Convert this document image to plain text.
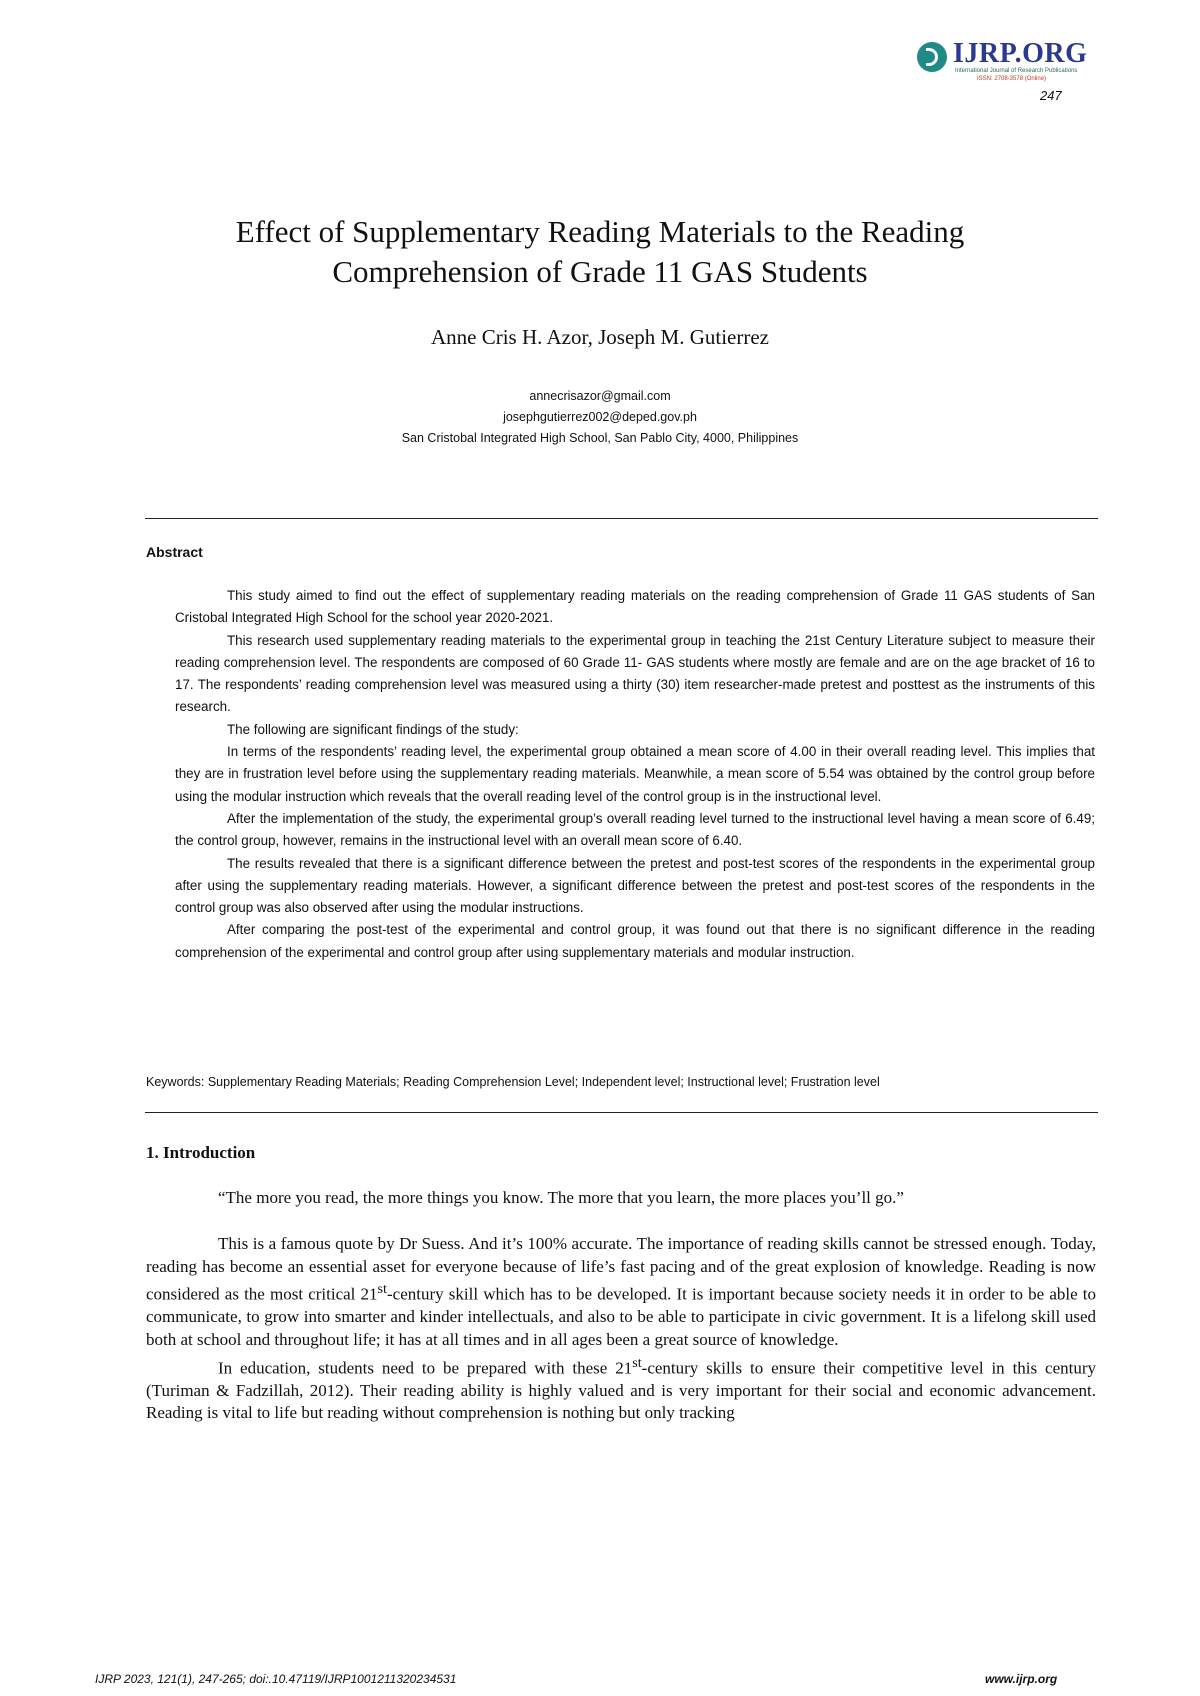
IJRP.ORG
International Journal of Research Publications
ISSN: 2708-3578 (Online)
247
Effect of Supplementary Reading Materials to the Reading
Comprehension of Grade 11 GAS Students
Anne Cris H. Azor, Joseph M. Gutierrez
annecrisazor@gmail.com
josephgutierrez002@deped.gov.ph
San Cristobal Integrated High School, San Pablo City, 4000, Philippines
Abstract

This study aimed to find out the effect of supplementary reading materials on the reading comprehension of Grade 11 GAS students of San Cristobal Integrated High School for the school year 2020-2021.

This research used supplementary reading materials to the experimental group in teaching the 21st Century Literature subject to measure their reading comprehension level. The respondents are composed of 60 Grade 11- GAS students where mostly are female and are on the age bracket of 16 to 17. The respondents’ reading comprehension level was measured using a thirty (30) item researcher-made pretest and posttest as the instruments of this research.

The following are significant findings of the study:

In terms of the respondents’ reading level, the experimental group obtained a mean score of 4.00 in their overall reading level. This implies that they are in frustration level before using the supplementary reading materials. Meanwhile, a mean score of 5.54 was obtained by the control group before using the modular instruction which reveals that the overall reading level of the control group is in the instructional level.

After the implementation of the study, the experimental group’s overall reading level turned to the instructional level having a mean score of 6.49; the control group, however, remains in the instructional level with an overall mean score of 6.40.

The results revealed that there is a significant difference between the pretest and post-test scores of the respondents in the experimental group after using the supplementary reading materials. However, a significant difference between the pretest and post-test scores of the respondents in the control group was also observed after using the modular instructions.

After comparing the post-test of the experimental and control group, it was found out that there is no significant difference in the reading comprehension of the experimental and control group after using supplementary materials and modular instruction.

Keywords: Supplementary Reading Materials; Reading Comprehension Level; Independent level; Instructional level; Frustration level
1. Introduction
“The more you read, the more things you know. The more that you learn, the more places you’ll go.”

This is a famous quote by Dr Suess. And it’s 100% accurate. The importance of reading skills cannot be stressed enough. Today, reading has become an essential asset for everyone because of life’s fast pacing and of the great explosion of knowledge. Reading is now considered as the most critical 21st-century skill which has to be developed. It is important because society needs it in order to be able to communicate, to grow into smarter and kinder intellectuals, and also to be able to participate in civic government. It is a lifelong skill used both at school and throughout life; it has at all times and in all ages been a great source of knowledge.

In education, students need to be prepared with these 21st-century skills to ensure their competitive level in this century (Turiman & Fadzillah, 2012). Their reading ability is highly valued and is very important for their social and economic advancement. Reading is vital to life but reading without comprehension is nothing but only tracking

IJRP 2023, 121(1), 247-265; doi:.10.47119/IJRP1001211320234531	www.ijrp.org
